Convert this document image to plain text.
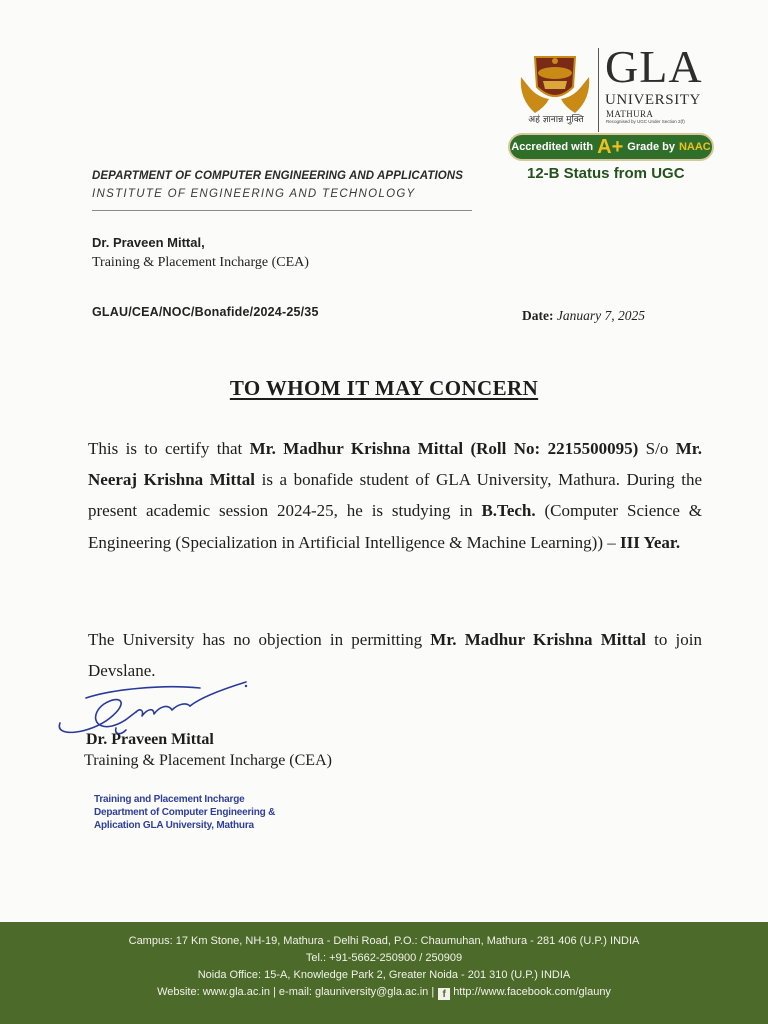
अहं ज्ञानान्न मुक्ति
GLA
UNIVERSITY
MATHURA
Recognised by UGC Under Section 2(f)
Accredited with A+ Grade by NAAC
12-B Status from UGC
DEPARTMENT OF COMPUTER ENGINEERING AND APPLICATIONS
INSTITUTE OF ENGINEERING AND TECHNOLOGY
Dr. Praveen Mittal,
Training & Placement Incharge (CEA)
GLAU/CEA/NOC/Bonafide/2024-25/35	Date: January 7, 2025
TO WHOM IT MAY CONCERN
This is to certify that Mr. Madhur Krishna Mittal (Roll No: 2215500095) S/o Mr. Neeraj Krishna Mittal is a bonafide student of GLA University, Mathura. During the present academic session 2024-25, he is studying in B.Tech. (Computer Science & Engineering (Specialization in Artificial Intelligence & Machine Learning)) – III Year.
The University has no objection in permitting Mr. Madhur Krishna Mittal to join Devslane.
Dr. Praveen Mittal
Training & Placement Incharge (CEA)
Training and Placement Incharge
Department of Computer Engineering &
Aplication GLA University, Mathura
Campus: 17 Km Stone, NH-19, Mathura - Delhi Road, P.O.: Chaumuhan, Mathura - 281 406 (U.P.) INDIA
Tel.: +91-5662-250900 / 250909
Noida Office: 15-A, Knowledge Park 2, Greater Noida - 201 310 (U.P.) INDIA
Website: www.gla.ac.in | e-mail: glauniversity@gla.ac.in | f http://www.facebook.com/glauny
